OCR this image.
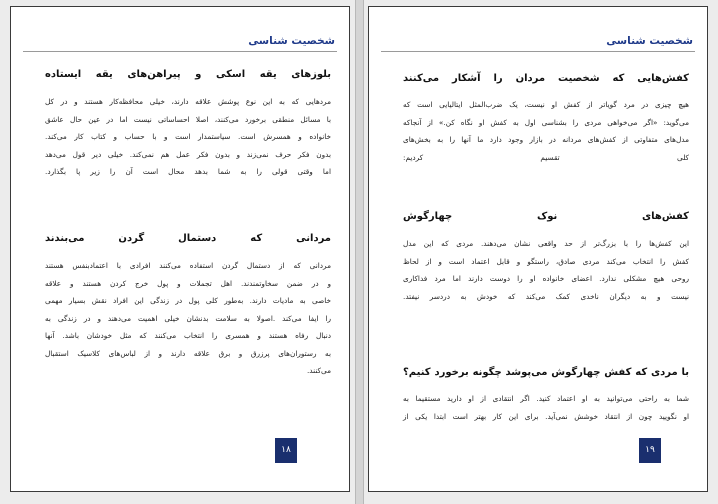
شخصیت شناسی
بلوزهای یقه اسکی و پیراهن‌های یقه ایستاده

مردهایی که به این نوع پوشش علاقه دارند، خیلی محافظه‌کار هستند و در کل

با مسائل منطقی برخورد می‌کنند، اصلا احساساتی نیست اما در عین حال عاشق

خانواده و همسرش است. سیاستمدار است و با حساب و کتاب کار می‌کند.

بدون فکر حرف نمی‌زند و بدون فکر عمل هم نمی‌کند. خیلی دیر قول می‌دهد

اما وقتی قولی را به شما بدهد محال است آن را زیر پا بگذارد.

مردانی که دستمال گردن می‌بندند

مردانی که از دستمال گردن استفاده می‌کنند افرادی با اعتمادبنفس هستند

و در ضمن سخاوتمندند. اهل تجملات و پول خرج کردن هستند و علاقه

خاصی به مادیات دارند. به‌طور کلی پول در زندگی این افراد نقش بسیار مهمی

را ایفا می‌کند .اصولا به سلامت بدنشان خیلی اهمیت می‌دهند و در زندگی به

دنبال رفاه هستند و همسری را انتخاب می‌کنند که مثل خودشان باشد. آنها

به رستوران‌های پرزرق و برق علاقه دارند و از لباس‌های کلاسیک استقبال

می‌کنند.

۱۸
شخصیت شناسی
کفش‌هایی که شخصیت مردان را آشکار می‌کنند

هیچ چیزی در مرد گویاتر از کفش او نیست، یک ضرب‌المثل ایتالیایی است که

می‌گوید: «اگر می‌خواهی مردی را بشناسی اول به کفش او نگاه کن.» از آنجاکه

مدل‌های متفاوتی از کفش‌های مردانه در بازار وجود دارد ما آنها را به بخش‌های

کلی تقسیم کردیم:

کفش‌های نوک چهارگوش

این کفش‌ها را با بزرگ‌تر از حد واقعی نشان می‌دهند. مردی که این مدل

کفش را انتخاب می‌کند مردی صادق، راستگو و قابل اعتماد است و از لحاظ

روحی هیچ مشکلی ندارد. اعضای خانواده او را دوست دارند اما مرد فداکاری

نیست و به دیگران ناخدی کمک می‌کند که خودش به دردسر نیفتد.

با مردی که کفش چهارگوش می‌پوشد چگونه برخورد کنیم؟

شما به راحتی می‌توانید به او اعتماد کنید. اگر انتقادی از او دارید مستقیما به

او نگویید چون از انتقاد خوشش نمی‌آید. برای این کار بهتر است ابتدا یکی از

۱۹
